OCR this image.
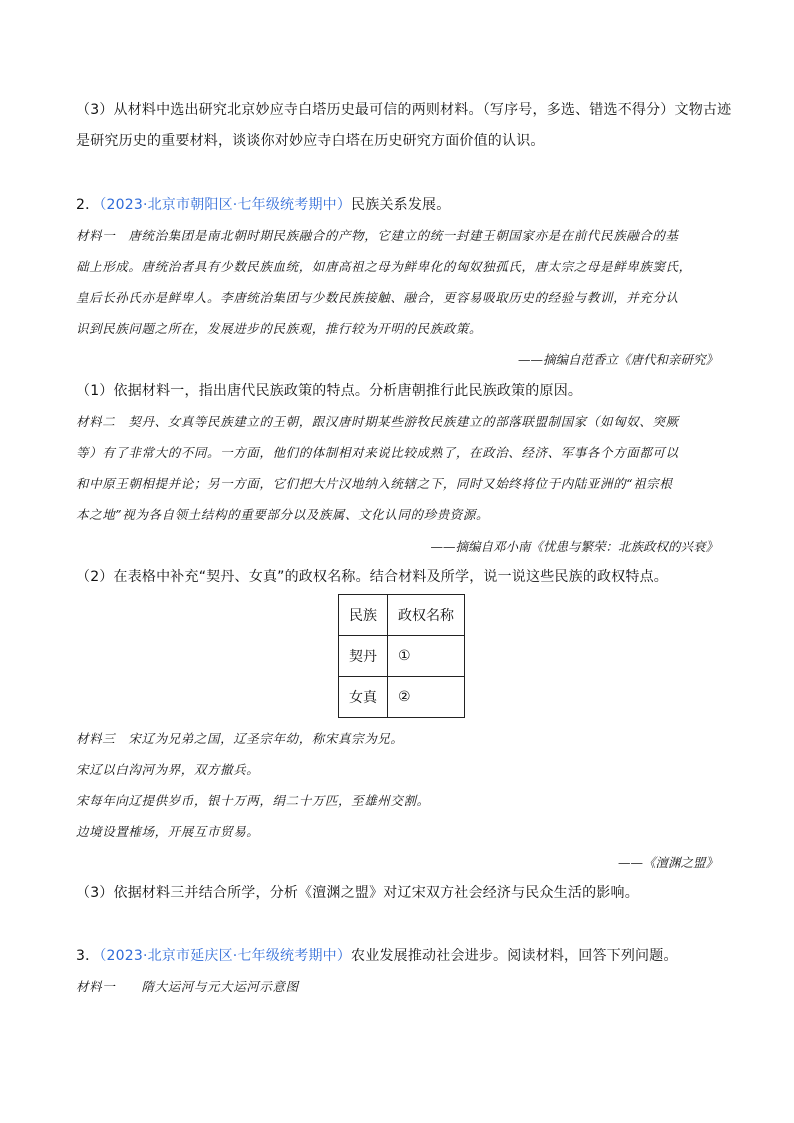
（3）从材料中选出研究北京妙应寺白塔历史最可信的两则材料。（写序号，多选、错选不得分）文物古迹
是研究历史的重要材料，谈谈你对妙应寺白塔在历史研究方面价值的认识。
2．（2023·北京市朝阳区·七年级统考期中）民族关系发展。
材料一　唐统治集团是南北朝时期民族融合的产物，它建立的统一封建王朝国家亦是在前代民族融合的基
础上形成。唐统治者具有少数民族血统，如唐高祖之母为鲜卑化的匈奴独孤氏，唐太宗之母是鲜卑族窦氏，
皇后长孙氏亦是鲜卑人。李唐统治集团与少数民族接触、融合，更容易吸取历史的经验与教训，并充分认
识到民族问题之所在，发展进步的民族观，推行较为开明的民族政策。
——摘编自范香立《唐代和亲研究》
（1）依据材料一，指出唐代民族政策的特点。分析唐朝推行此民族政策的原因。
材料二　契丹、女真等民族建立的王朝，跟汉唐时期某些游牧民族建立的部落联盟制国家（如匈奴、突厥
等）有了非常大的不同。一方面，他们的体制相对来说比较成熟了，在政治、经济、军事各个方面都可以
和中原王朝相提并论；另一方面，它们把大片汉地纳入统辖之下，同时又始终将位于内陆亚洲的“祖宗根
本之地”视为各自领土结构的重要部分以及族属、文化认同的珍贵资源。
——摘编自邓小南《忧患与繁荣：北族政权的兴衰》
（2）在表格中补充“契丹、女真”的政权名称。结合材料及所学，说一说这些民族的政权特点。
民族	政权名称
契丹	①
女真	②
材料三　宋辽为兄弟之国，辽圣宗年幼，称宋真宗为兄。
宋辽以白沟河为界，双方撤兵。
宋每年向辽提供岁币，银十万两，绢二十万匹，至雄州交割。
边境设置榷场，开展互市贸易。
——《澶渊之盟》
（3）依据材料三并结合所学，分析《澶渊之盟》对辽宋双方社会经济与民众生活的影响。
3．（2023·北京市延庆区·七年级统考期中）农业发展推动社会进步。阅读材料，回答下列问题。
材料一　　隋大运河与元大运河示意图
